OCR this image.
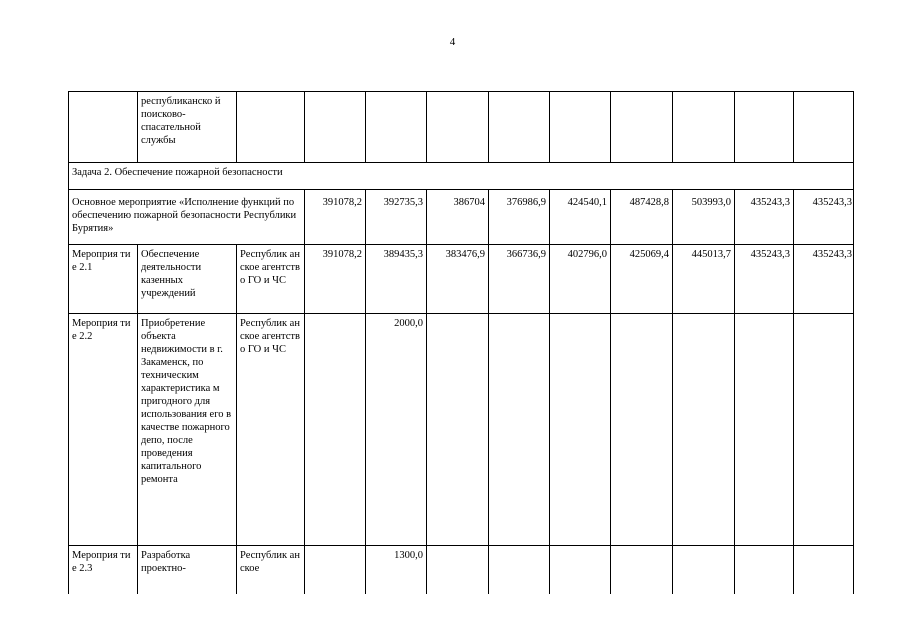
4
	республиканско й поисково-спасательной службы										
Задача 2. Обеспечение пожарной безопасности											
Основное мероприятие «Исполнение функций по обеспечению пожарной безопасности Республики Бурятия»			391078,2	392735,3	386704	376986,9	424540,1	487428,8	503993,0	435243,3	435243,3
Мероприя тие 2.1	Обеспечение деятельности казенных учреждений	Республик анское агентство ГО и ЧС	391078,2	389435,3	383476,9	366736,9	402796,0	425069,4	445013,7	435243,3	435243,3
Мероприя тие 2.2	Приобретение объекта недвижимости в г. Закаменск, по техническим характеристика м пригодного для использования его в качестве пожарного депо, после проведения капитального ремонта	Республик анское агентство ГО и ЧС		2000,0							
Мероприя тие 2.3	Разработка проектно-	Республик анское		1300,0							
